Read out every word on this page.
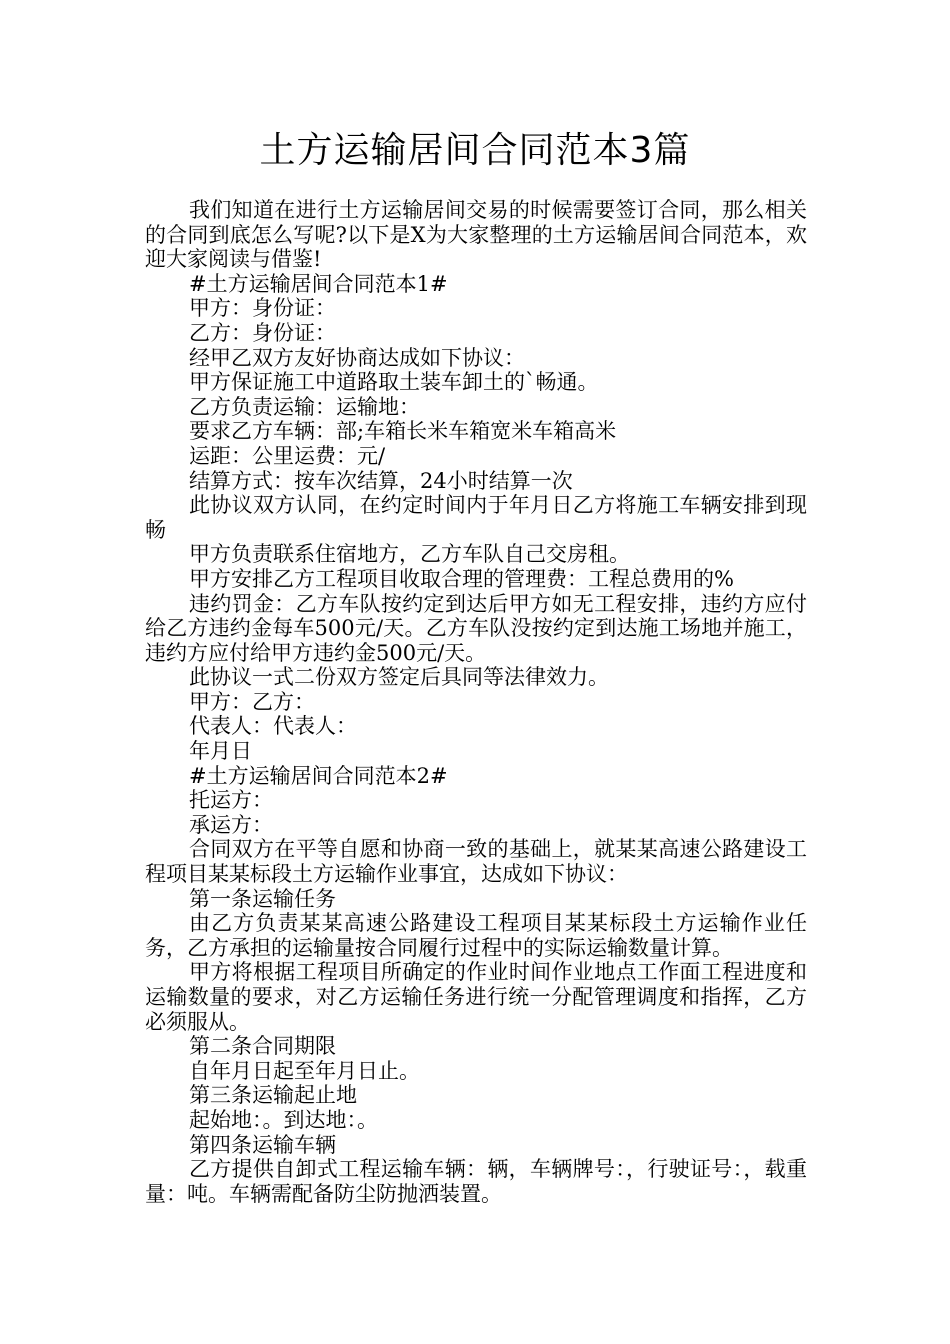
土方运输居间合同范本3篇

我们知道在进行土方运输居间交易的时候需要签订合同，那么相关的合同到底怎么写呢?以下是X为大家整理的土方运输居间合同范本，欢迎大家阅读与借鉴!

#土方运输居间合同范本1#

甲方：身份证：

乙方：身份证：

经甲乙双方友好协商达成如下协议：

甲方保证施工中道路取土装车卸土的`畅通。

乙方负责运输：运输地：

要求乙方车辆：部;车箱长米车箱宽米车箱高米

运距：公里运费：元/

结算方式：按车次结算，24小时结算一次

此协议双方认同，在约定时间内于年月日乙方将施工车辆安排到现畅

甲方负责联系住宿地方，乙方车队自己交房租。

甲方安排乙方工程项目收取合理的管理费：工程总费用的%

违约罚金：乙方车队按约定到达后甲方如无工程安排，违约方应付给乙方违约金每车500元/天。乙方车队没按约定到达施工场地并施工，违约方应付给甲方违约金500元/天。

此协议一式二份双方签定后具同等法律效力。

甲方：乙方：

代表人：代表人：

年月日

#土方运输居间合同范本2#

托运方：

承运方：

合同双方在平等自愿和协商一致的基础上，就某某高速公路建设工程项目某某标段土方运输作业事宜，达成如下协议：

第一条运输任务

由乙方负责某某高速公路建设工程项目某某标段土方运输作业任务，乙方承担的运输量按合同履行过程中的实际运输数量计算。

甲方将根据工程项目所确定的作业时间作业地点工作面工程进度和运输数量的要求，对乙方运输任务进行统一分配管理调度和指挥，乙方必须服从。

第二条合同期限

自年月日起至年月日止。

第三条运输起止地

起始地：。到达地：。

第四条运输车辆

乙方提供自卸式工程运输车辆：辆，车辆牌号：，行驶证号：，载重量：吨。车辆需配备防尘防抛洒装置。
